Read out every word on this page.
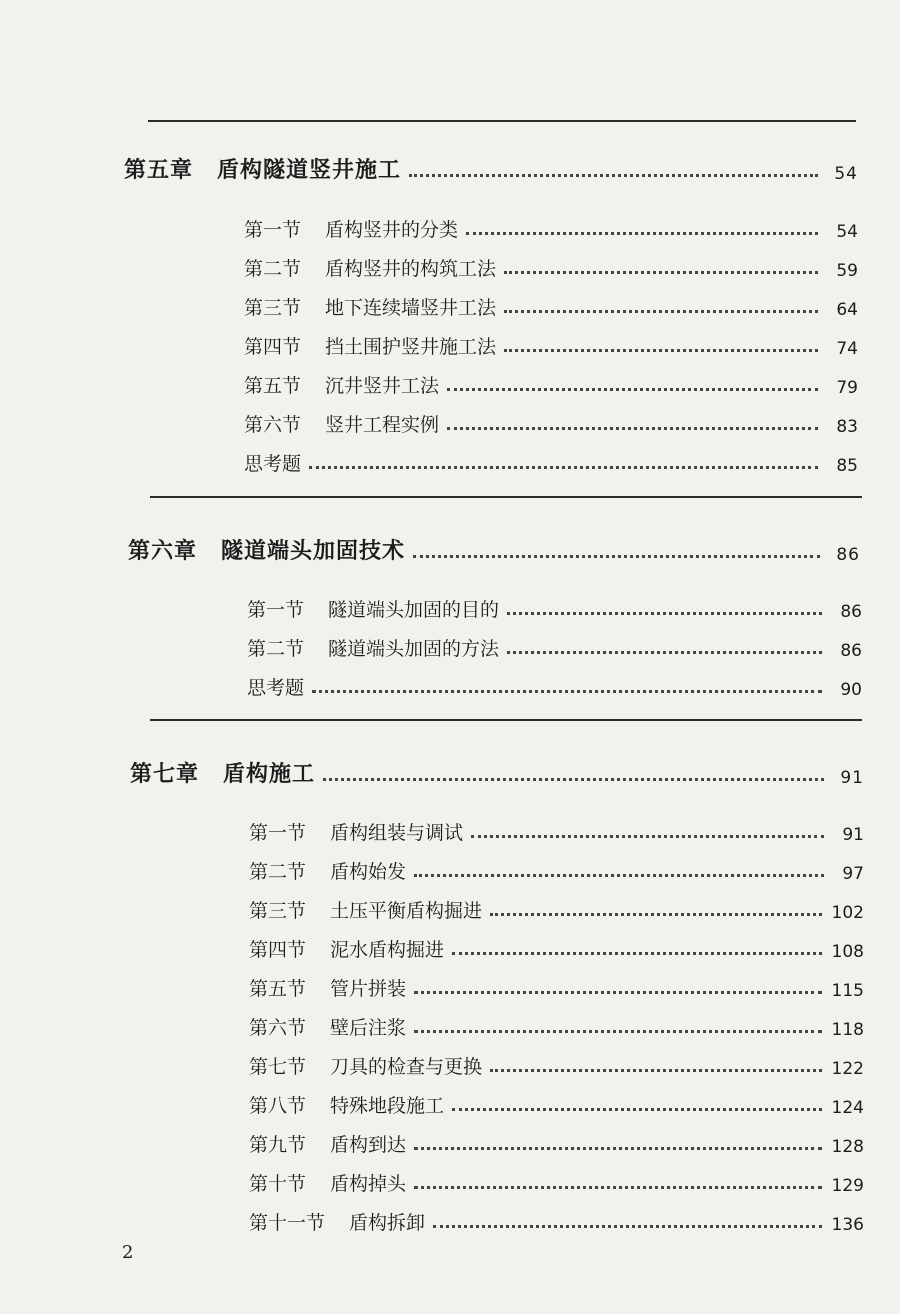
第五章 盾构隧道竖井施工	54
第一节 盾构竖井的分类	54
第二节 盾构竖井的构筑工法	59
第三节 地下连续墙竖井工法	64
第四节 挡土围护竖井施工法	74
第五节 沉井竖井工法	79
第六节 竖井工程实例	83
思考题	85
第六章 隧道端头加固技术	86
第一节 隧道端头加固的目的	86
第二节 隧道端头加固的方法	86
思考题	90
第七章 盾构施工	91
第一节 盾构组装与调试	91
第二节 盾构始发	97
第三节 土压平衡盾构掘进	102
第四节 泥水盾构掘进	108
第五节 管片拼装	115
第六节 壁后注浆	118
第七节 刀具的检查与更换	122
第八节 特殊地段施工	124
第九节 盾构到达	128
第十节 盾构掉头	129
第十一节 盾构拆卸	136
2
